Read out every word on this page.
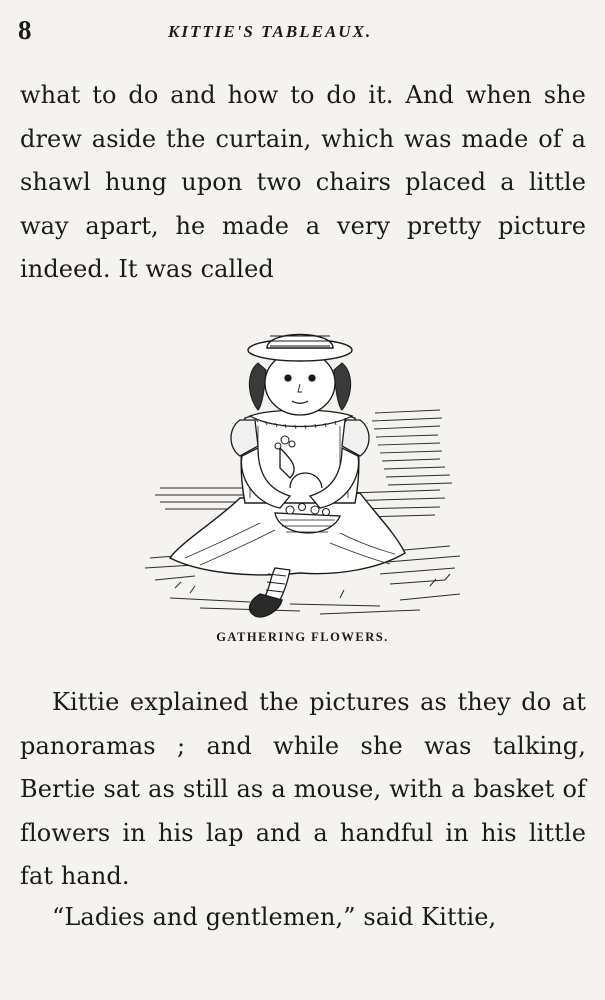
8	KITTIE'S TABLEAUX.

what to do and how to do it. And when she drew aside the curtain, which was made of a shawl hung upon two chairs placed a little way apart, he made a very pretty picture indeed. It was called

GATHERING FLOWERS.

Kittie explained the pictures as they do at panoramas ; and while she was talking, Bertie sat as still as a mouse, with a basket of flowers in his lap and a handful in his little fat hand.

“Ladies and gentlemen,” said Kittie,
